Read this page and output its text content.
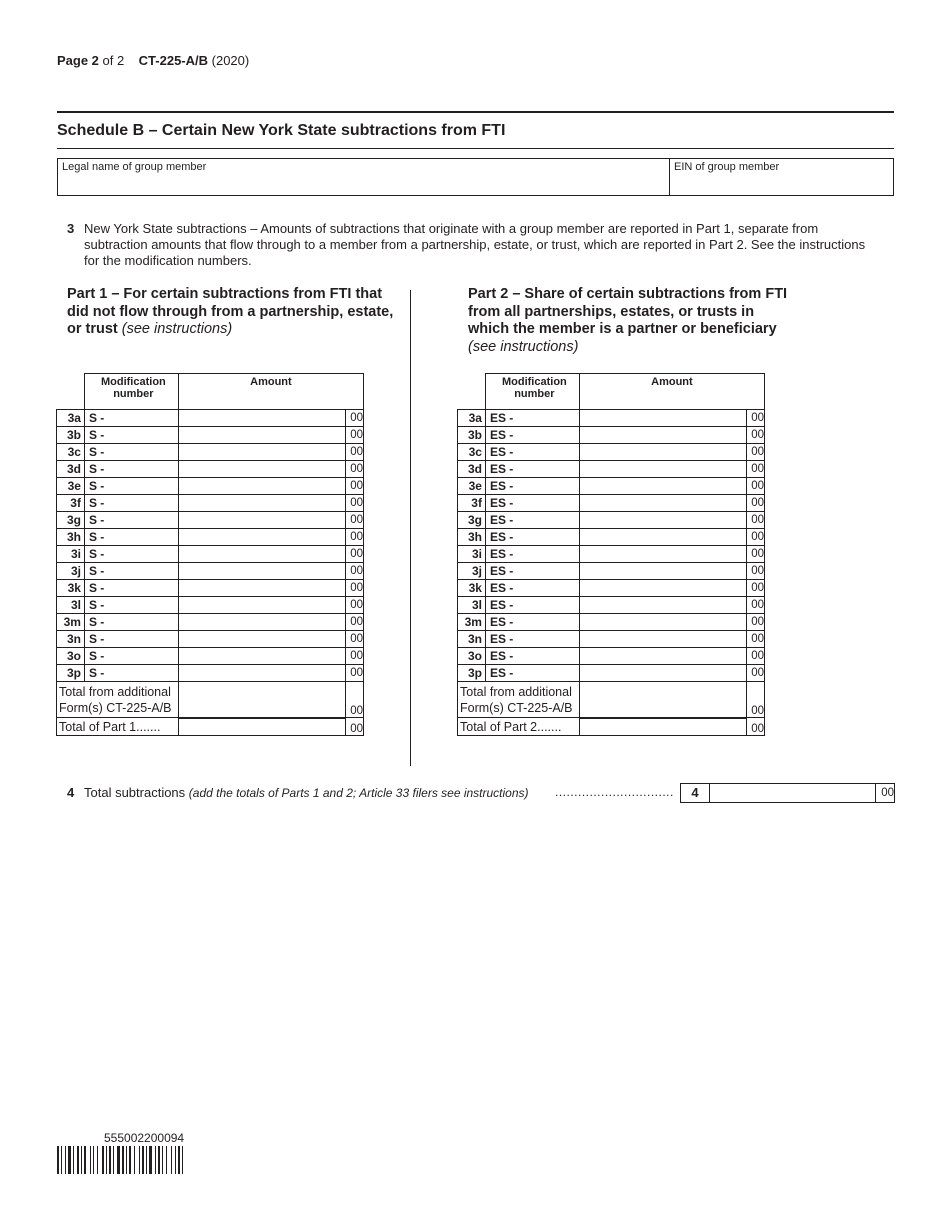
Page 2 of 2 CT-225-A/B (2020)
Schedule B – Certain New York State subtractions from FTI
Legal name of group member	EIN of group member
3 New York State subtractions – Amounts of subtractions that originate with a group member are reported in Part 1, separate from subtraction amounts that flow through to a member from a partnership, estate, or trust, which are reported in Part 2. See the instructions for the modification numbers.
Part 1 – For certain subtractions from FTI that did not flow through from a partnership, estate, or trust (see instructions)
Part 2 – Share of certain subtractions from FTI from all partnerships, estates, or trusts in which the member is a partner or beneficiary (see instructions)
	Modification number	Amount	
3a	S -		00
3b	S -		00
3c	S -		00
3d	S -		00
3e	S -		00
3f	S -		00
3g	S -		00
3h	S -		00
3i	S -		00
3j	S -		00
3k	S -		00
3l	S -		00
3m	S -		00
3n	S -		00
3o	S -		00
3p	S -		00
Total from additional Form(s) CT-225-A/B			00
Total of Part 1.......			00
	Modification number	Amount	
3a	ES -		00
3b	ES -		00
3c	ES -		00
3d	ES -		00
3e	ES -		00
3f	ES -		00
3g	ES -		00
3h	ES -		00
3i	ES -		00
3j	ES -		00
3k	ES -		00
3l	ES -		00
3m	ES -		00
3n	ES -		00
3o	ES -		00
3p	ES -		00
Total from additional Form(s) CT-225-A/B			00
Total of Part 2.......			00
4 Total subtractions (add the totals of Parts 1 and 2; Article 33 filers see instructions) ...............................	4	00
555002200094
